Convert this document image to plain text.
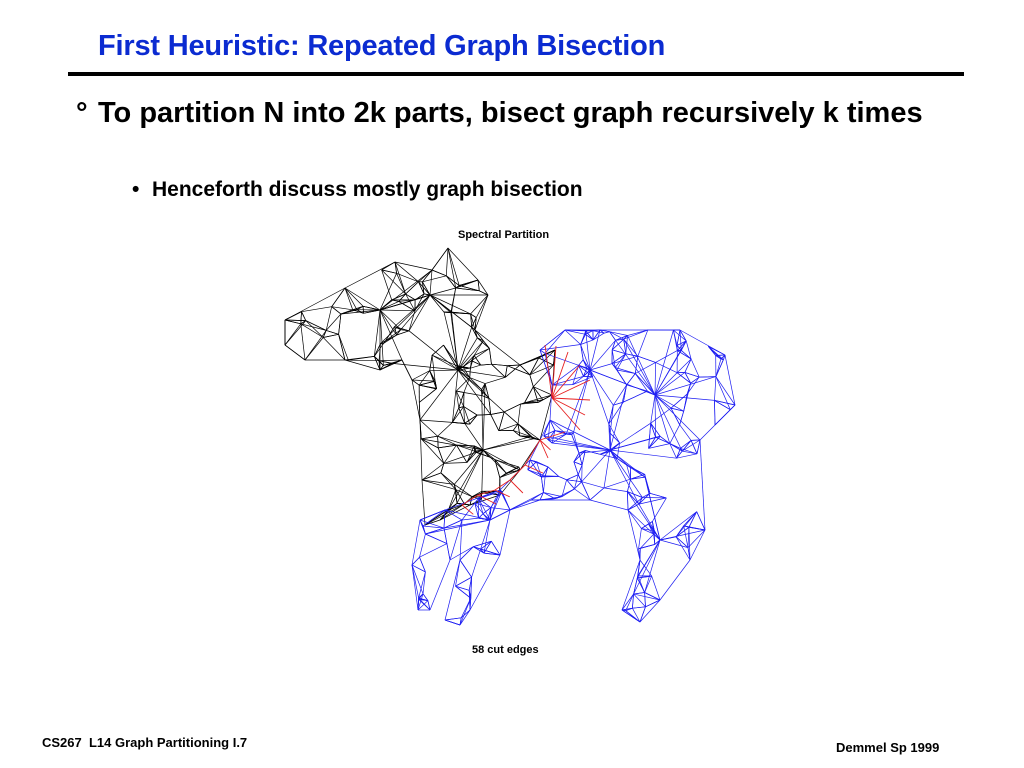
First Heuristic: Repeated Graph Bisection
° To partition N into 2k parts, bisect graph recursively k times
• Henceforth discuss mostly graph bisection
Spectral Partition
58 cut edges
CS267  L14 Graph Partitioning I.7	Demmel Sp 1999
